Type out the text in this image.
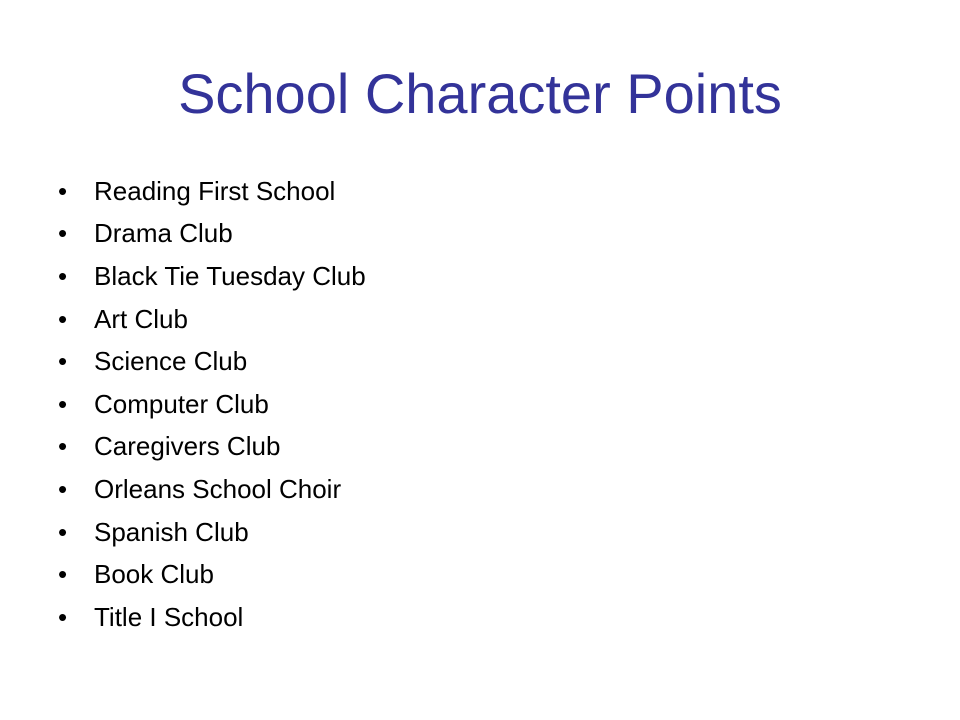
School Character Points
•	Reading First School
•	Drama Club
•	Black Tie Tuesday Club
•	Art Club
•	Science Club
•	Computer Club
•	Caregivers Club
•	Orleans School Choir
•	Spanish Club
•	Book Club
•	Title I School
